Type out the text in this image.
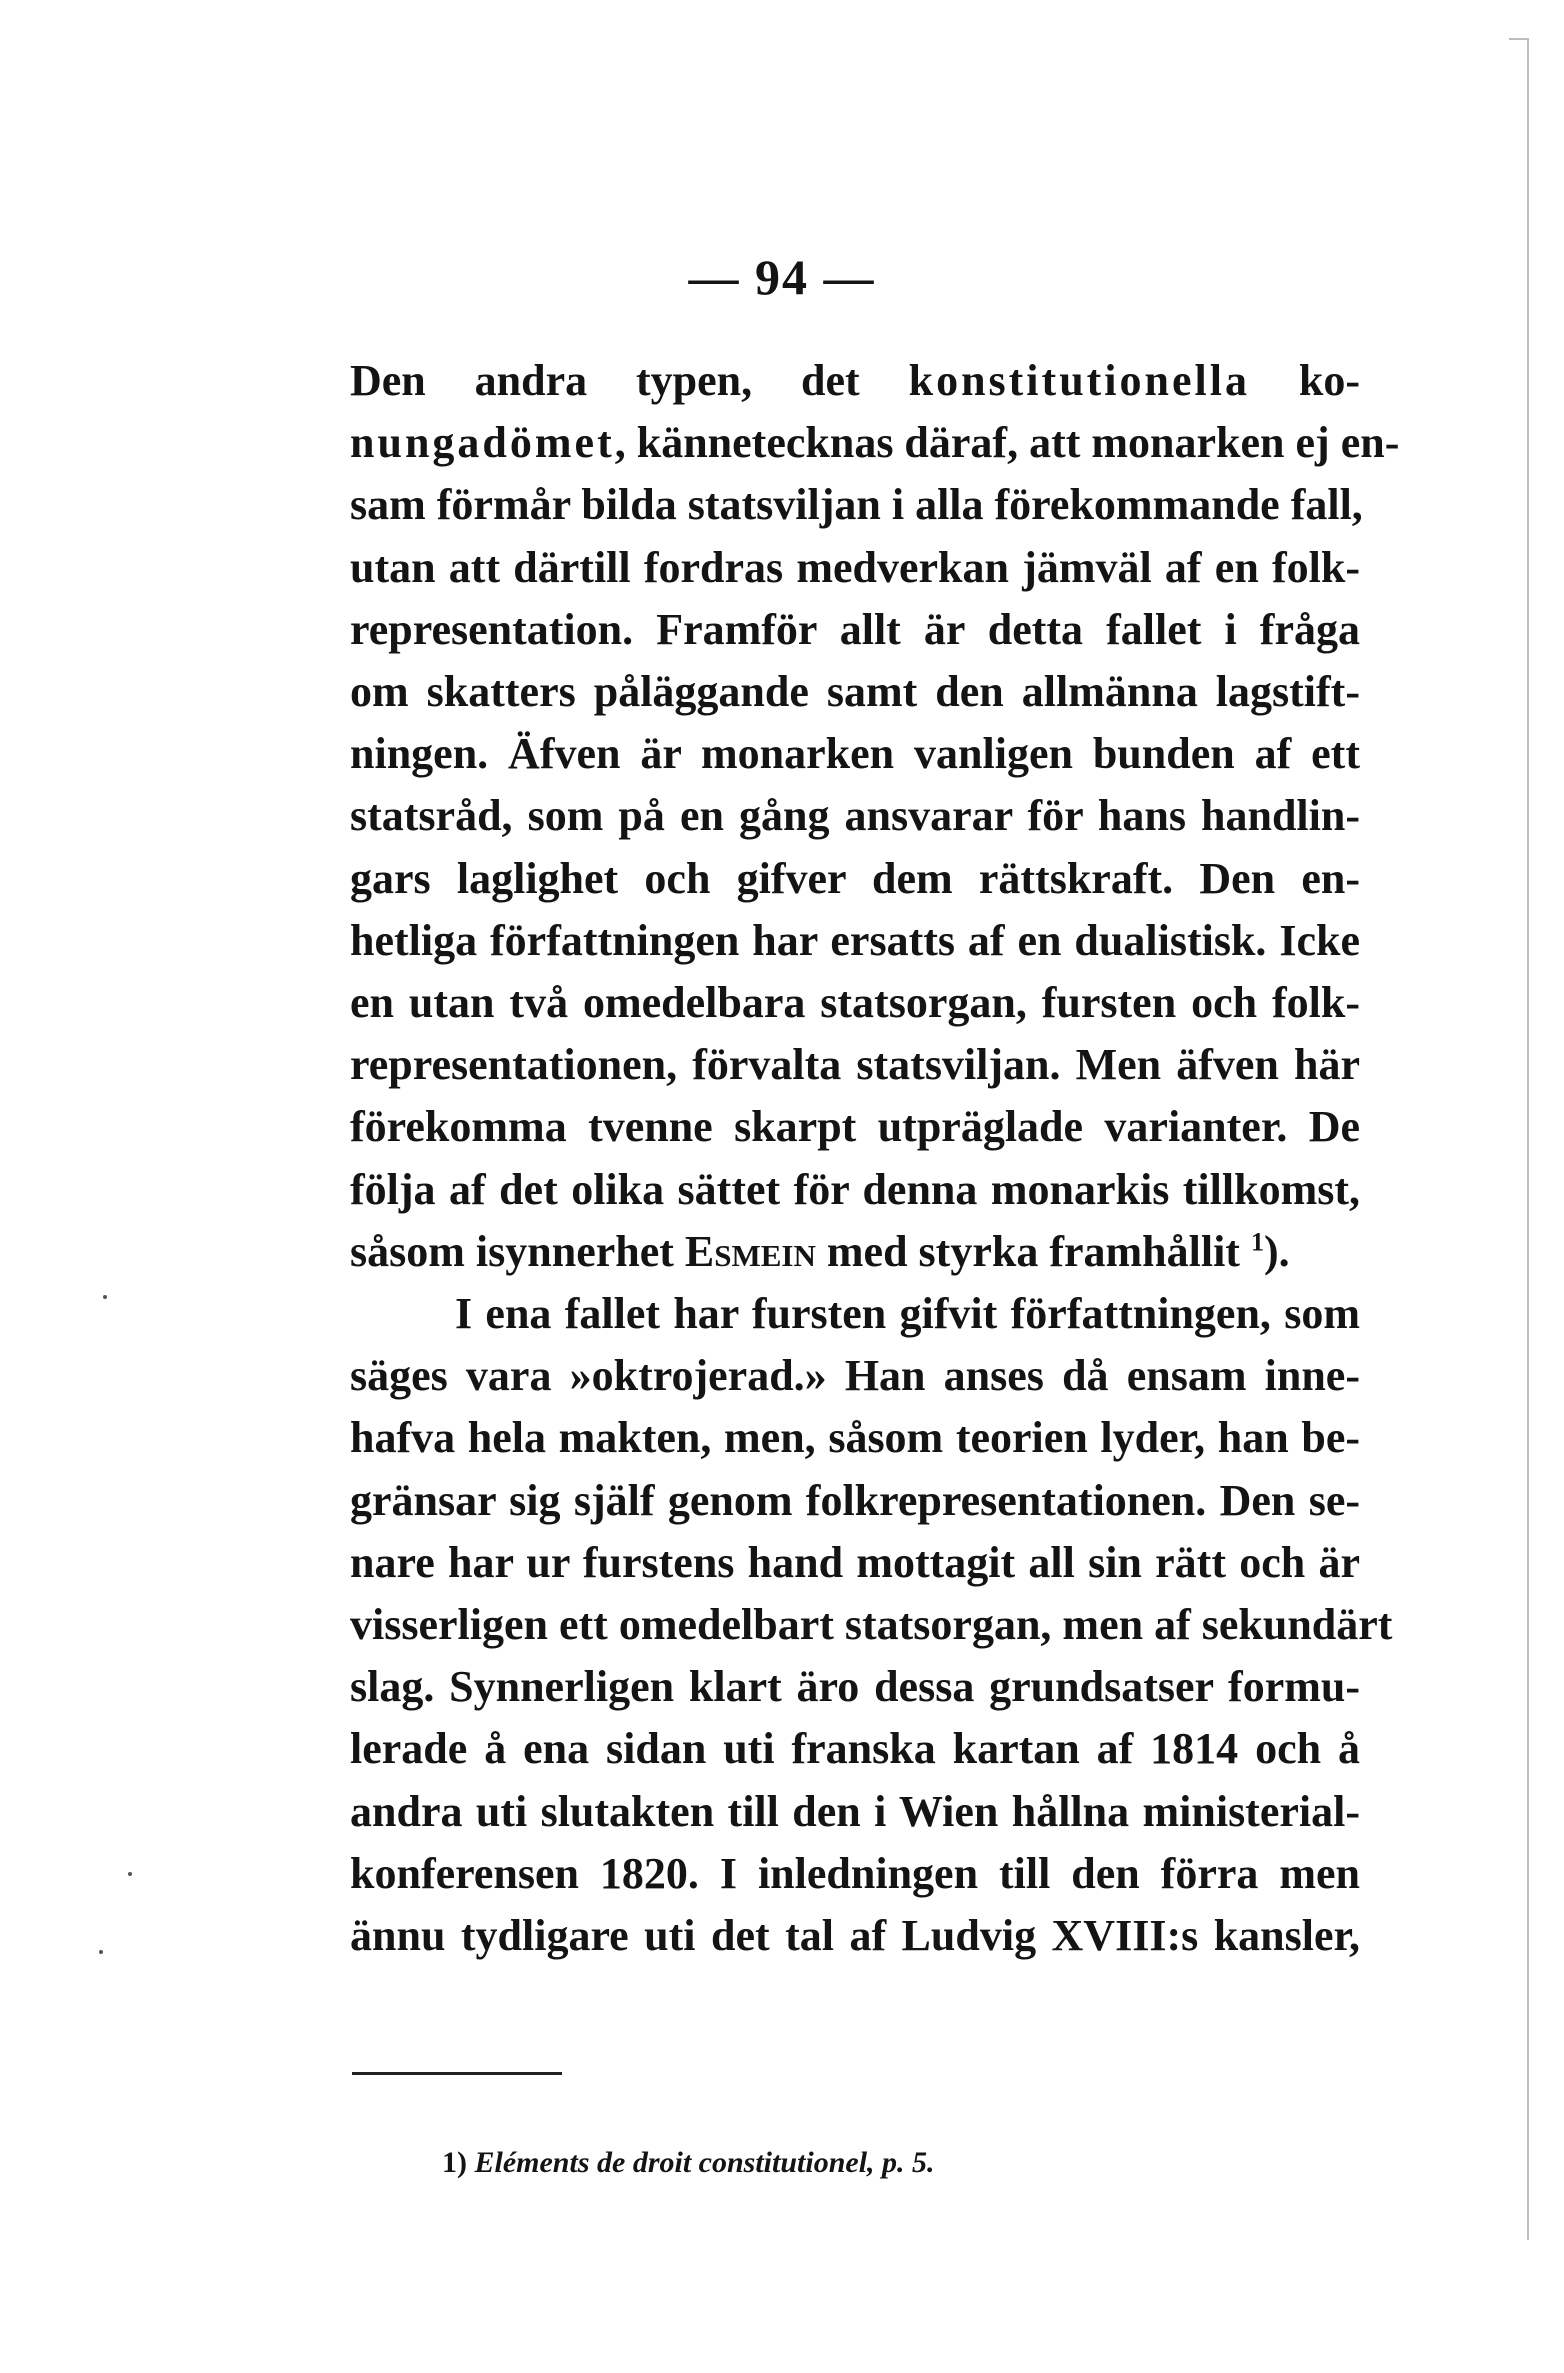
— 94 —
Den andra typen, det konstitutionella ko-
nungadömet, kännetecknas däraf, att monarken ej en-
sam förmår bilda statsviljan i alla förekommande fall,
utan att därtill fordras medverkan jämväl af en folk-
representation. Framför allt är detta fallet i fråga
om skatters påläggande samt den allmänna lagstift-
ningen. Äfven är monarken vanligen bunden af ett
statsråd, som på en gång ansvarar för hans handlin-
gars laglighet och gifver dem rättskraft. Den en-
hetliga författningen har ersatts af en dualistisk. Icke
en utan två omedelbara statsorgan, fursten och folk-
representationen, förvalta statsviljan. Men äfven här
förekomma tvenne skarpt utpräglade varianter. De
följa af det olika sättet för denna monarkis tillkomst,
såsom isynnerhet Esmein med styrka framhållit $^1$).
I ena fallet har fursten gifvit författningen, som
säges vara »oktrojerad.» Han anses då ensam inne-
hafva hela makten, men, såsom teorien lyder, han be-
gränsar sig själf genom folkrepresentationen. Den se-
nare har ur furstens hand mottagit all sin rätt och är
visserligen ett omedelbart statsorgan, men af sekundärt
slag. Synnerligen klart äro dessa grundsatser formu-
lerade å ena sidan uti franska kartan af 1814 och å
andra uti slutakten till den i Wien hållna ministerial-
konferensen 1820. I inledningen till den förra men
ännu tydligare uti det tal af Ludvig XVIII:s kansler,
1) Eléments de droit constitutionel, p. 5.
